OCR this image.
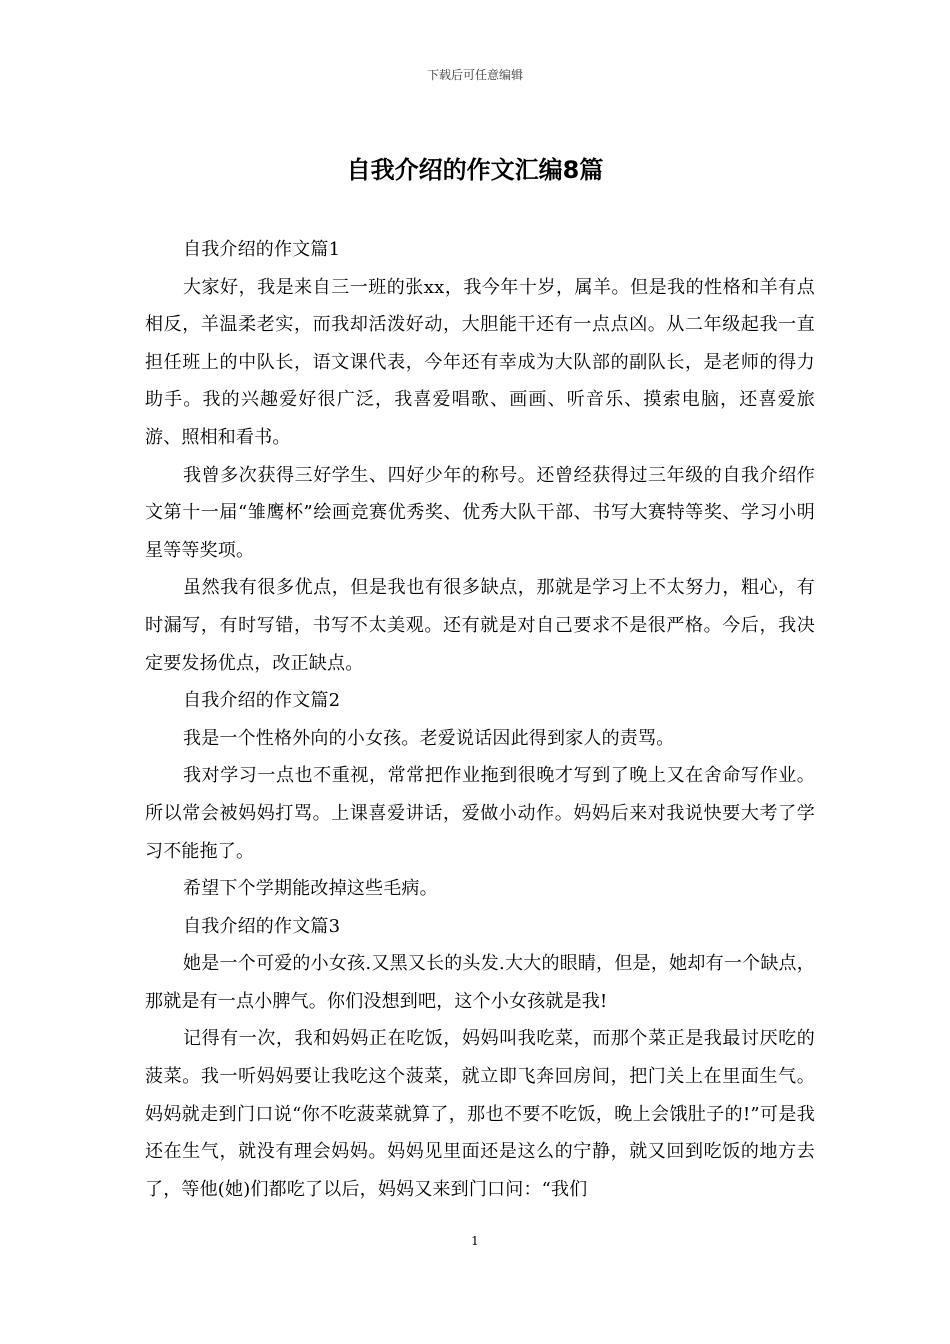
下载后可任意编辑
自我介绍的作文汇编8篇

自我介绍的作文篇1

大家好，我是来自三一班的张xx，我今年十岁，属羊。但是我的性格和羊有点相反，羊温柔老实，而我却活泼好动，大胆能干还有一点点凶。从二年级起我一直担任班上的中队长，语文课代表，今年还有幸成为大队部的副队长，是老师的得力助手。我的兴趣爱好很广泛，我喜爱唱歌、画画、听音乐、摸索电脑，还喜爱旅游、照相和看书。

我曾多次获得三好学生、四好少年的称号。还曾经获得过三年级的自我介绍作文第十一届“雏鹰杯”绘画竞赛优秀奖、优秀大队干部、书写大赛特等奖、学习小明星等等奖项。

虽然我有很多优点，但是我也有很多缺点，那就是学习上不太努力，粗心，有时漏写，有时写错，书写不太美观。还有就是对自己要求不是很严格。今后，我决定要发扬优点，改正缺点。

自我介绍的作文篇2

我是一个性格外向的小女孩。老爱说话因此得到家人的责骂。

我对学习一点也不重视，常常把作业拖到很晚才写到了晚上又在舍命写作业。所以常会被妈妈打骂。上课喜爱讲话，爱做小动作。妈妈后来对我说快要大考了学习不能拖了。

希望下个学期能改掉这些毛病。

自我介绍的作文篇3

她是一个可爱的小女孩.又黑又长的头发.大大的眼睛，但是，她却有一个缺点，那就是有一点小脾气。你们没想到吧，这个小女孩就是我!

记得有一次，我和妈妈正在吃饭，妈妈叫我吃菜，而那个菜正是我最讨厌吃的菠菜。我一听妈妈要让我吃这个菠菜，就立即飞奔回房间，把门关上在里面生气。妈妈就走到门口说“你不吃菠菜就算了，那也不要不吃饭，晚上会饿肚子的!”可是我还在生气，就没有理会妈妈。妈妈见里面还是这么的宁静，就又回到吃饭的地方去了，等他(她)们都吃了以后，妈妈又来到门口问：“我们

1
